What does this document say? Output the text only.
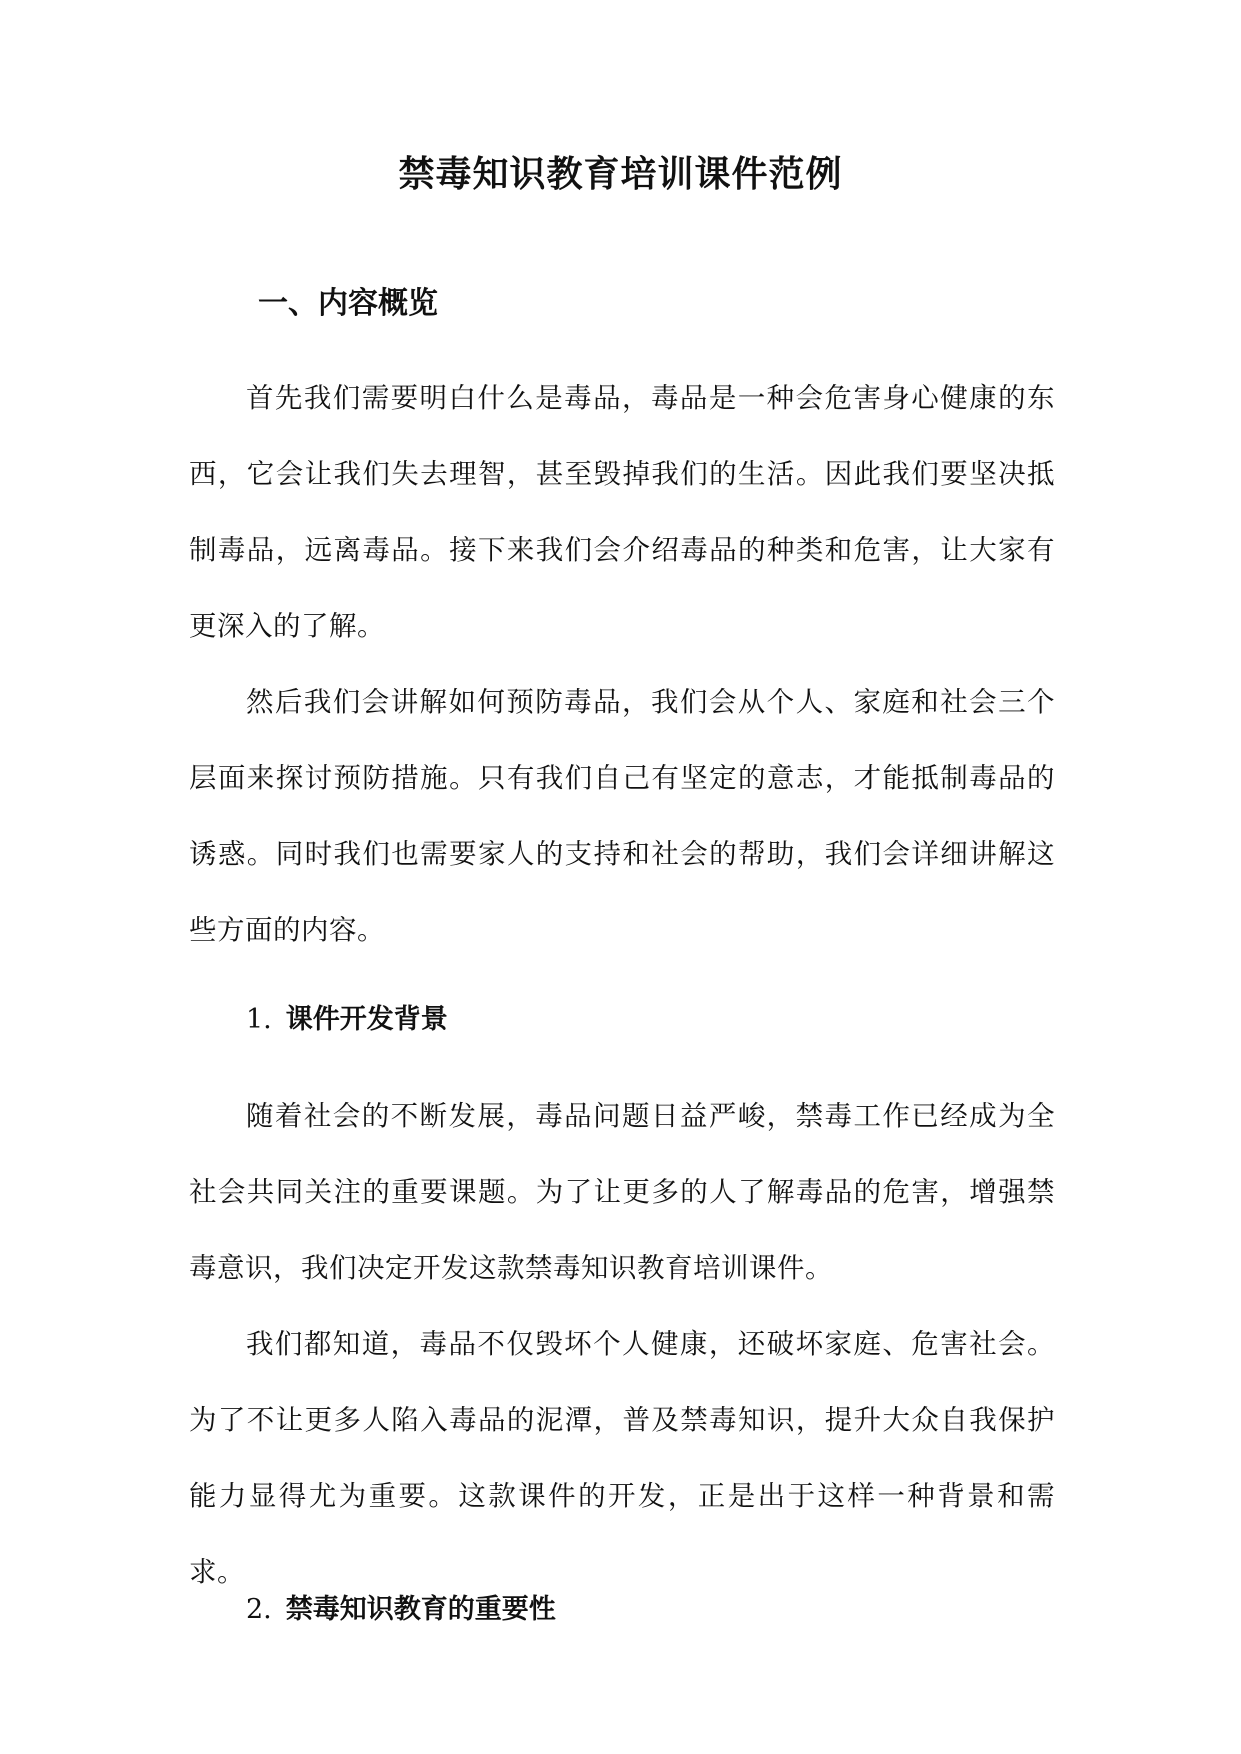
禁毒知识教育培训课件范例
一、内容概览

首先我们需要明白什么是毒品，毒品是一种会危害身心健康的东西，它会让我们失去理智，甚至毁掉我们的生活。因此我们要坚决抵制毒品，远离毒品。接下来我们会介绍毒品的种类和危害，让大家有更深入的了解。

然后我们会讲解如何预防毒品，我们会从个人、家庭和社会三个层面来探讨预防措施。只有我们自己有坚定的意志，才能抵制毒品的诱惑。同时我们也需要家人的支持和社会的帮助，我们会详细讲解这些方面的内容。

1. 课件开发背景

随着社会的不断发展，毒品问题日益严峻，禁毒工作已经成为全社会共同关注的重要课题。为了让更多的人了解毒品的危害，增强禁毒意识，我们决定开发这款禁毒知识教育培训课件。

我们都知道，毒品不仅毁坏个人健康，还破坏家庭、危害社会。为了不让更多人陷入毒品的泥潭，普及禁毒知识，提升大众自我保护能力显得尤为重要。这款课件的开发，正是出于这样一种背景和需求。

2. 禁毒知识教育的重要性
